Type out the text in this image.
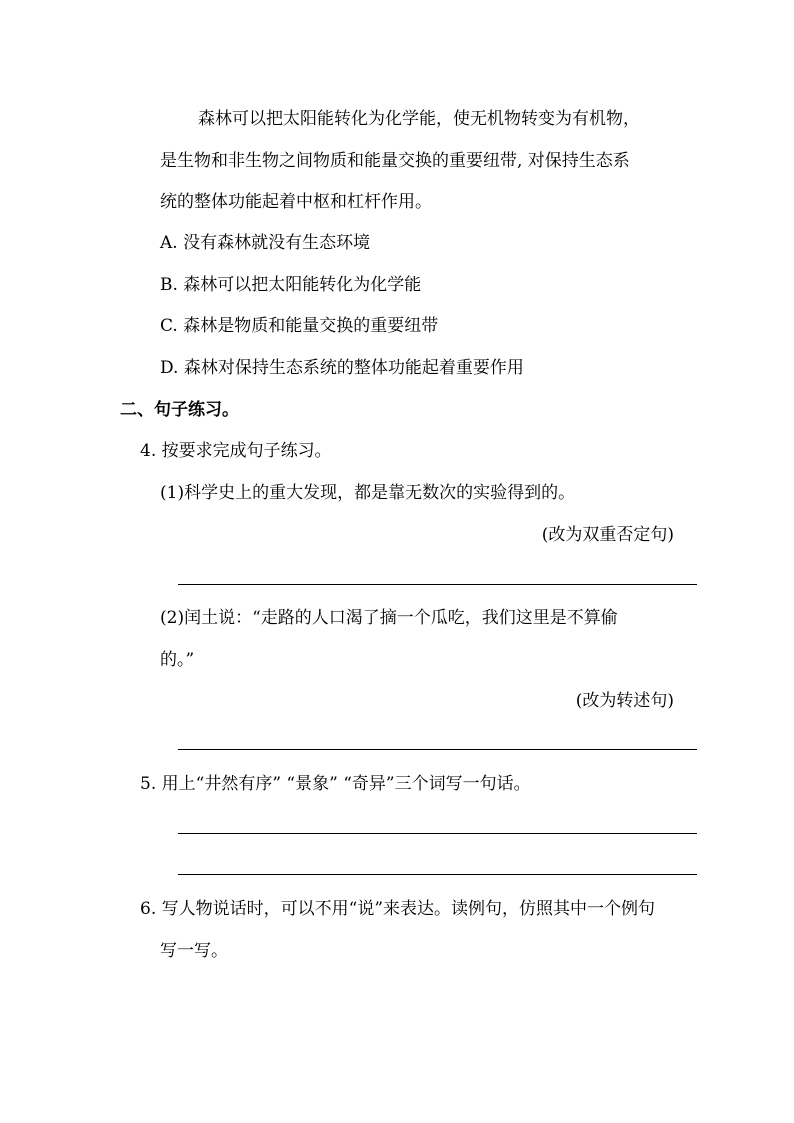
森林可以把太阳能转化为化学能，使无机物转变为有机物，
是生物和非生物之间物质和能量交换的重要纽带, 对保持生态系
统的整体功能起着中枢和杠杆作用。
A. 没有森林就没有生态环境
B. 森林可以把太阳能转化为化学能
C. 森林是物质和能量交换的重要纽带
D. 森林对保持生态系统的整体功能起着重要作用
二、句子练习。
4. 按要求完成句子练习。
(1)科学史上的重大发现，都是靠无数次的实验得到的。
(改为双重否定句)
(2)闰土说：“走路的人口渴了摘一个瓜吃，我们这里是不算偷
的。”
(改为转述句)
5. 用上“井然有序” “景象” “奇异”三个词写一句话。
6. 写人物说话时，可以不用“说”来表达。读例句，仿照其中一个例句
写一写。
